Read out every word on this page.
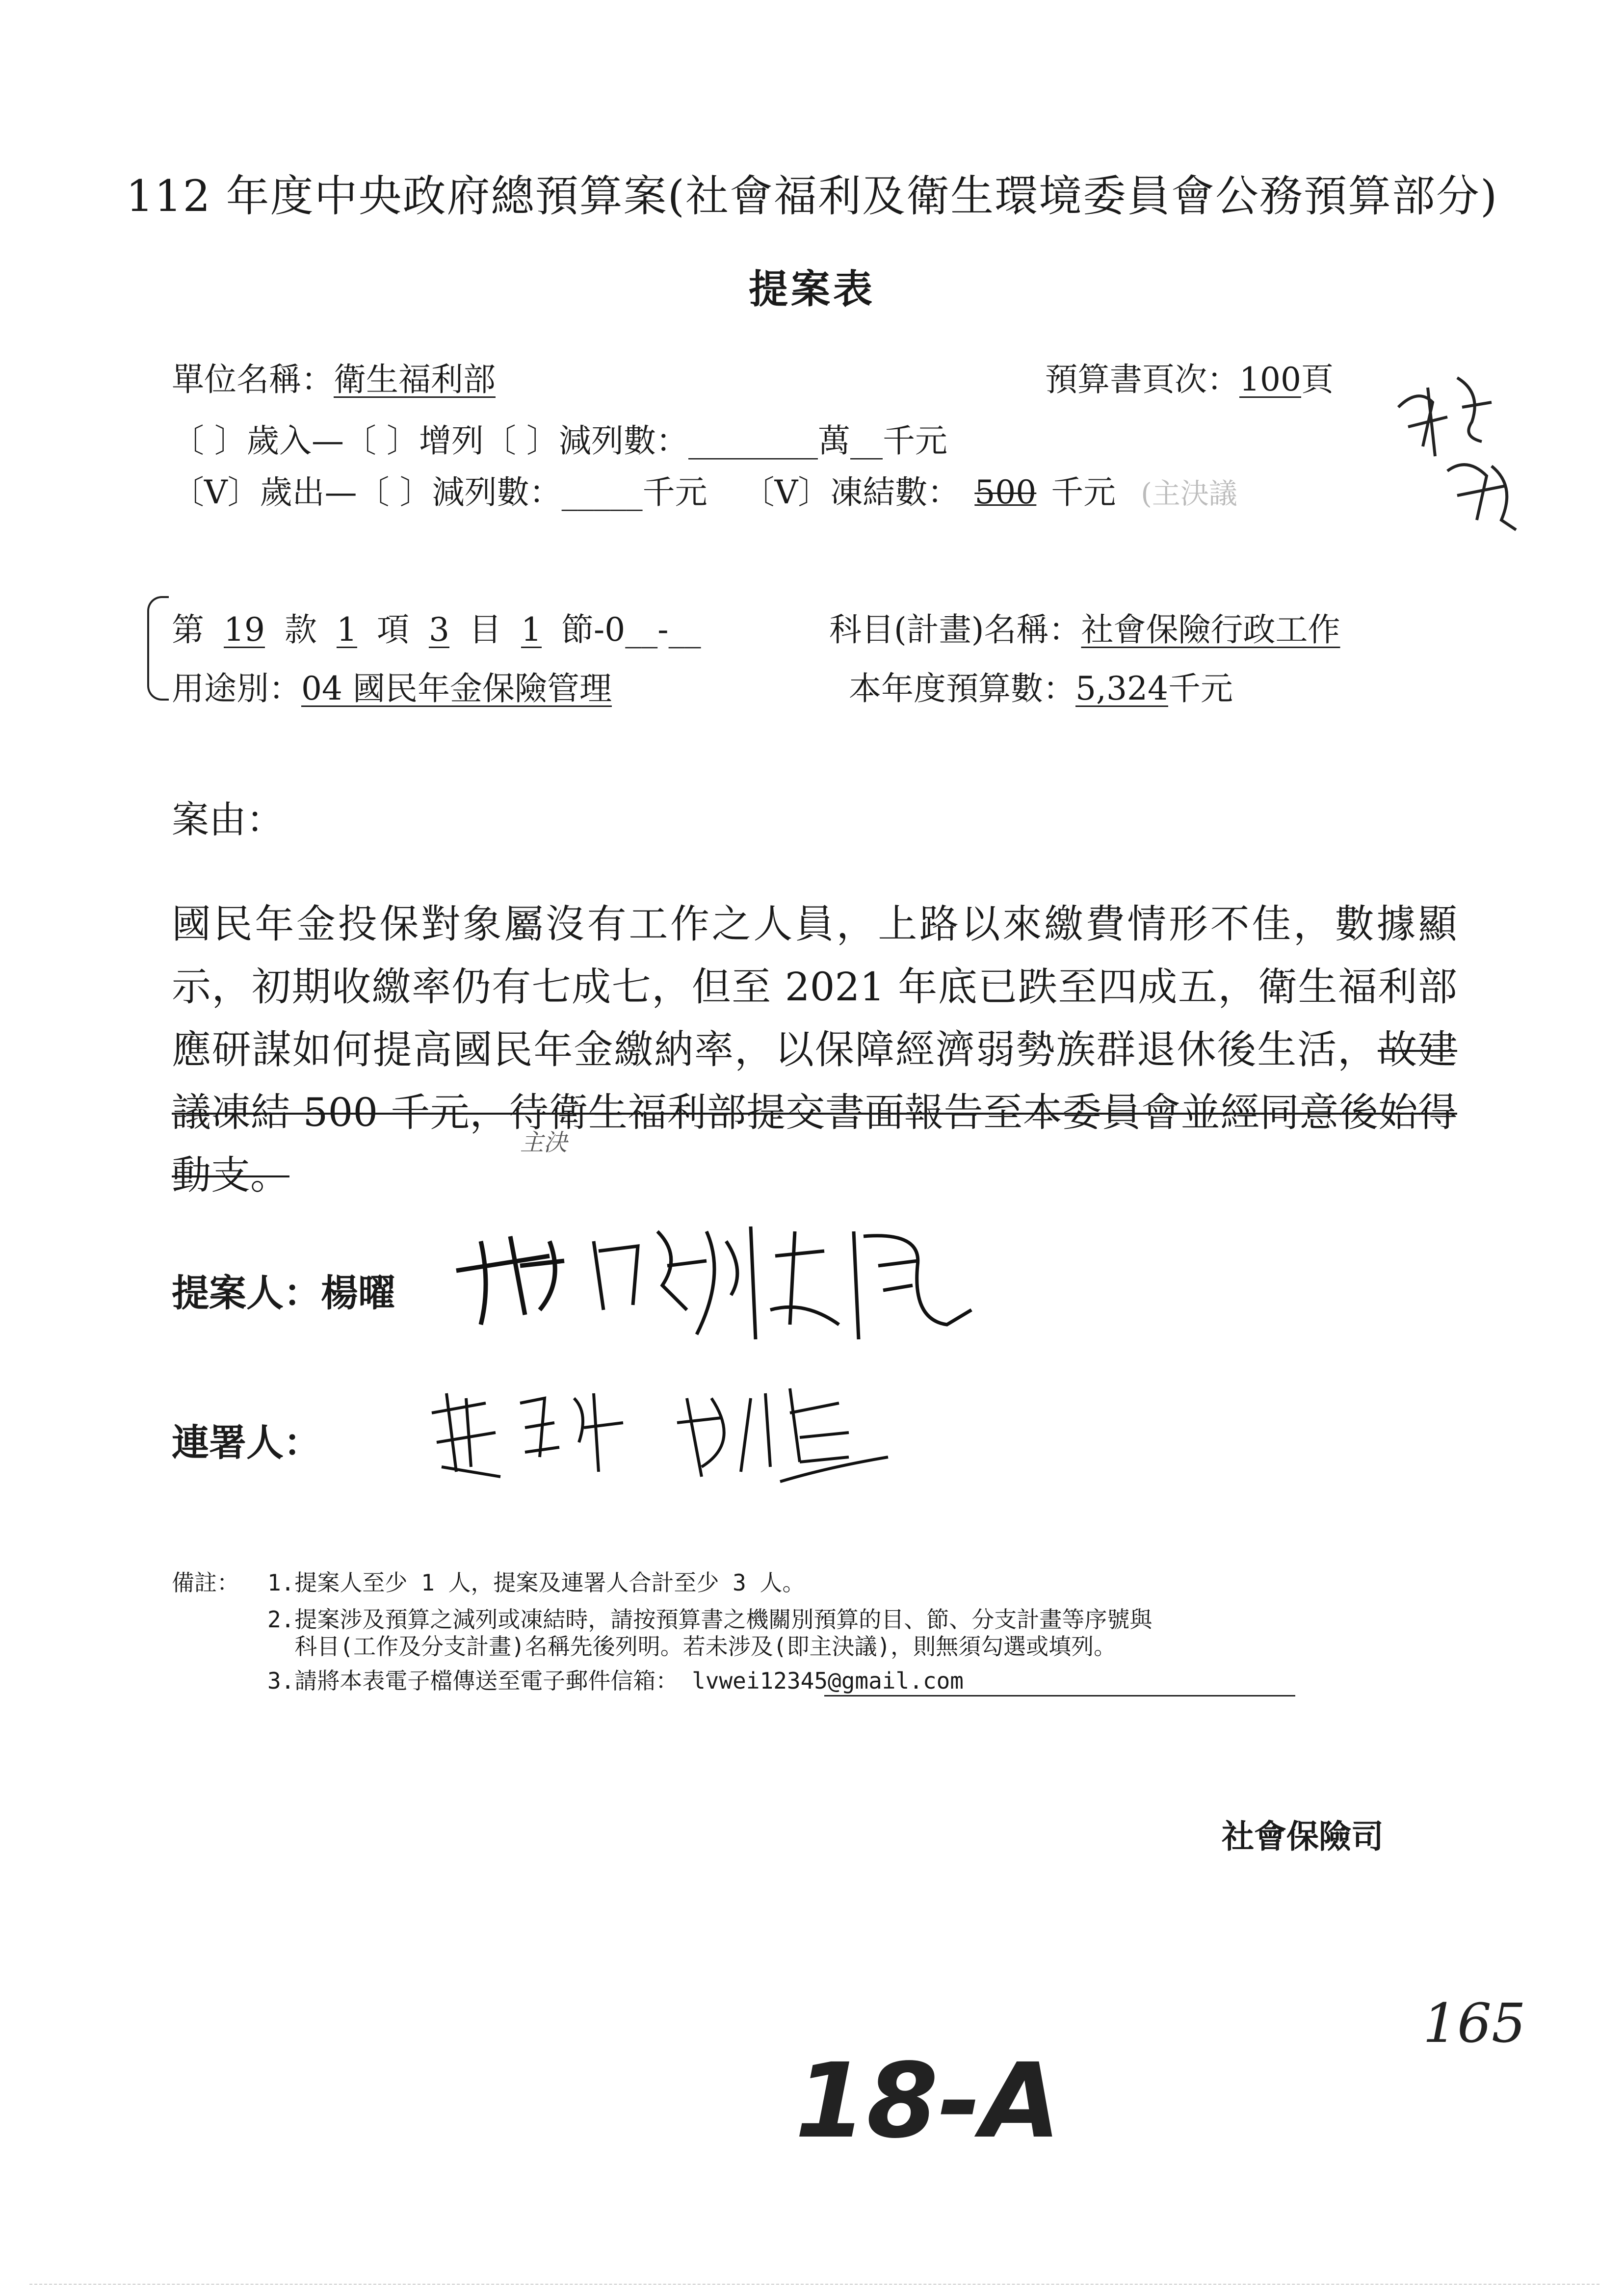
112 年度中央政府總預算案(社會福利及衛生環境委員會公務預算部分)
提案表
單位名稱：衛生福利部	預算書頁次：100頁
〔 〕歲入—〔 〕增列〔 〕減列數：________萬__千元
〔V〕歲出—〔 〕減列數：_____千元 〔V〕凍結數： 500 千元 (主決議
第 19 款 1 項 3 目 1 節-0__-__	科目(計畫)名稱：社會保險行政工作
用途別：04 國民年金保險管理	本年度預算數：5,324千元
案由：
國民年金投保對象屬沒有工作之人員，上路以來繳費情形不佳，數據顯示，初期收繳率仍有七成七，但至 2021 年底已跌至四成五，衛生福利部應研謀如何提高國民年金繳納率，以保障經濟弱勢族群退休後生活，故建議凍結 500 千元，待衛生福利部提交書面報告至本委員會並經同意後始得動支。
主決
提案人：楊曜
連署人：
備註： 1.提案人至少 1 人，提案及連署人合計至少 3 人。
2.提案涉及預算之減列或凍結時，請按預算書之機關別預算的目、節、分支計畫等序號與
科目(工作及分支計畫)名稱先後列明。若未涉及(即主決議)，則無須勾選或填列。
3.請將本表電子檔傳送至電子郵件信箱： lvwei12345@gmail.com
社會保險司
165
18-A
